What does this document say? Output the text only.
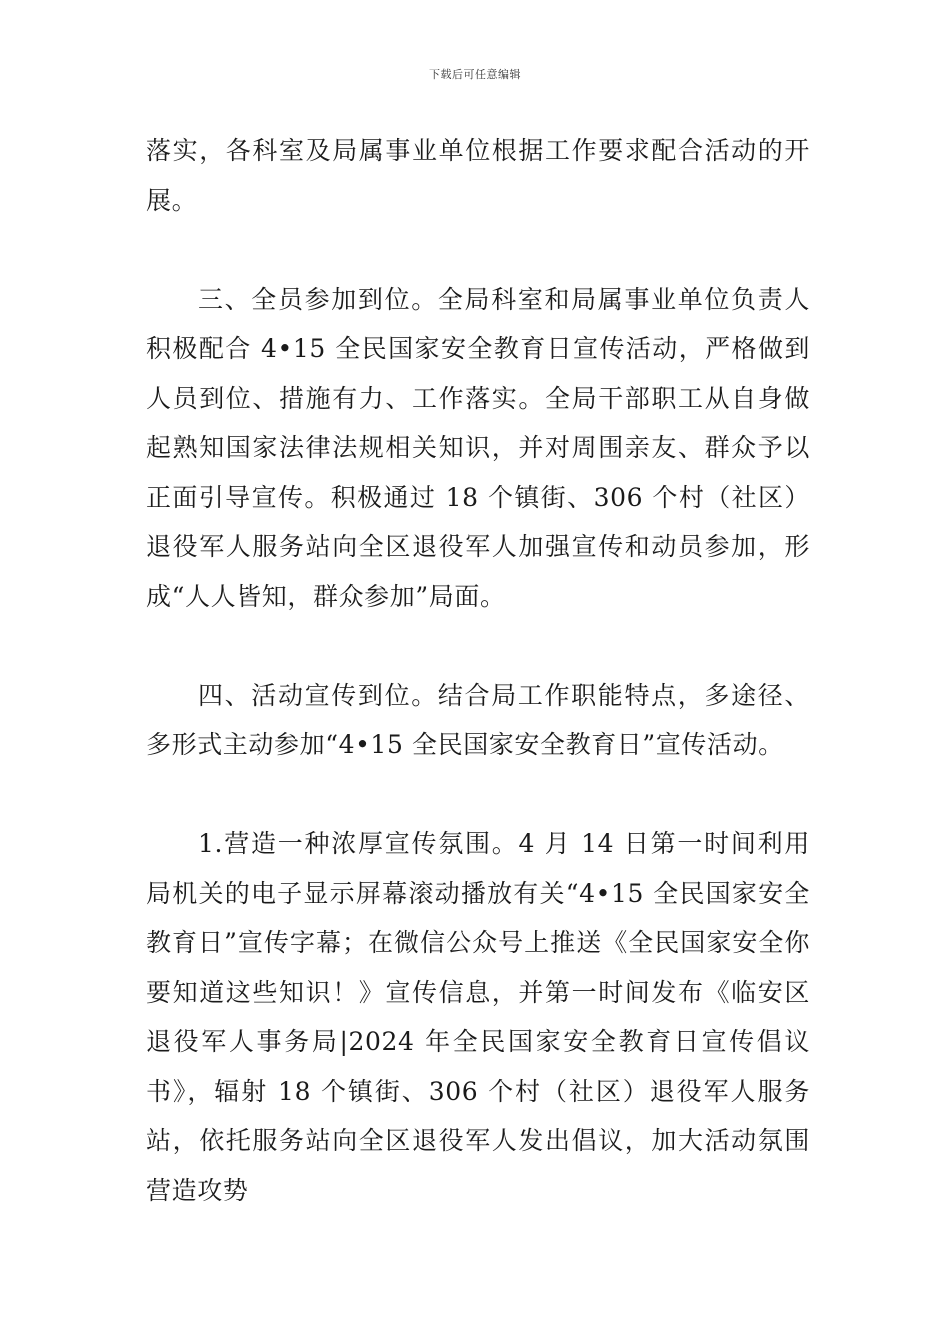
下载后可任意编辑

落实，各科室及局属事业单位根据工作要求配合活动的开展。

三、全员参加到位。全局科室和局属事业单位负责人积极配合 4•15 全民国家安全教育日宣传活动，严格做到人员到位、措施有力、工作落实。全局干部职工从自身做起熟知国家法律法规相关知识，并对周围亲友、群众予以正面引导宣传。积极通过 18 个镇街、306 个村（社区）退役军人服务站向全区退役军人加强宣传和动员参加，形成“人人皆知，群众参加”局面。

四、活动宣传到位。结合局工作职能特点，多途径、多形式主动参加“4•15 全民国家安全教育日”宣传活动。

1.营造一种浓厚宣传氛围。4 月 14 日第一时间利用局机关的电子显示屏幕滚动播放有关“4•15 全民国家安全教育日”宣传字幕；在微信公众号上推送《全民国家安全你要知道这些知识！》宣传信息，并第一时间发布《临安区退役军人事务局|2024 年全民国家安全教育日宣传倡议书》，辐射 18 个镇街、306 个村（社区）退役军人服务站，依托服务站向全区退役军人发出倡议，加大活动氛围营造攻势
